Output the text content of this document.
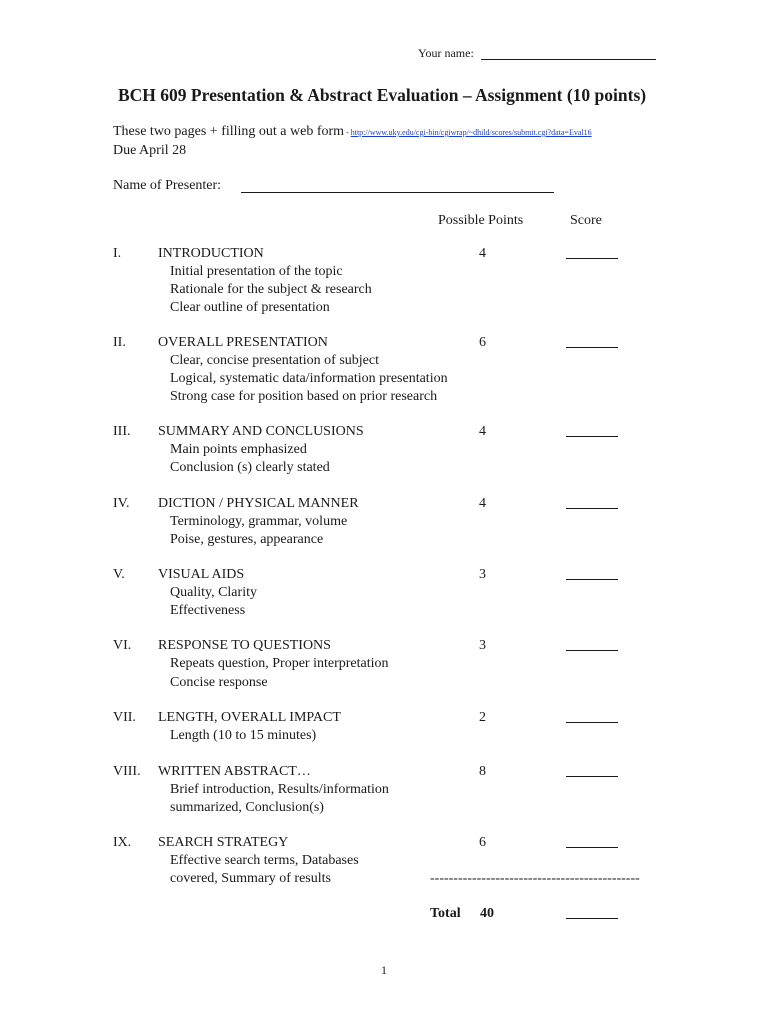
Your name:
BCH 609 Presentation & Abstract Evaluation – Assignment (10 points)
These two pages + filling out a web form - http://www.uky.edu/cgi-bin/cgiwrap/~dhild/scores/submit.cgi?data=Eval16
Due April 28
Name of Presenter:
Possible Points	Score
I.	INTRODUCTION	4
Initial presentation of the topic
Rationale for the subject & research
Clear outline of presentation
II. OVERALL PRESENTATION	6
Clear, concise presentation of subject
Logical, systematic data/information presentation
Strong case for position based on prior research
III. SUMMARY AND CONCLUSIONS	4
Main points emphasized
Conclusion (s) clearly stated
IV. DICTION / PHYSICAL MANNER	4
Terminology, grammar, volume
Poise, gestures, appearance
V. VISUAL AIDS	3
Quality, Clarity
Effectiveness
VI. RESPONSE TO QUESTIONS	3
Repeats question, Proper interpretation
Concise response
VII. LENGTH, OVERALL IMPACT	2
Length (10 to 15 minutes)
VIII. WRITTEN ABSTRACT…	8
Brief introduction, Results/information
summarized, Conclusion(s)
IX. SEARCH STRATEGY	6
Effective search terms, Databases
covered, Summary of results	---------------------------------------------
Total 40
1
